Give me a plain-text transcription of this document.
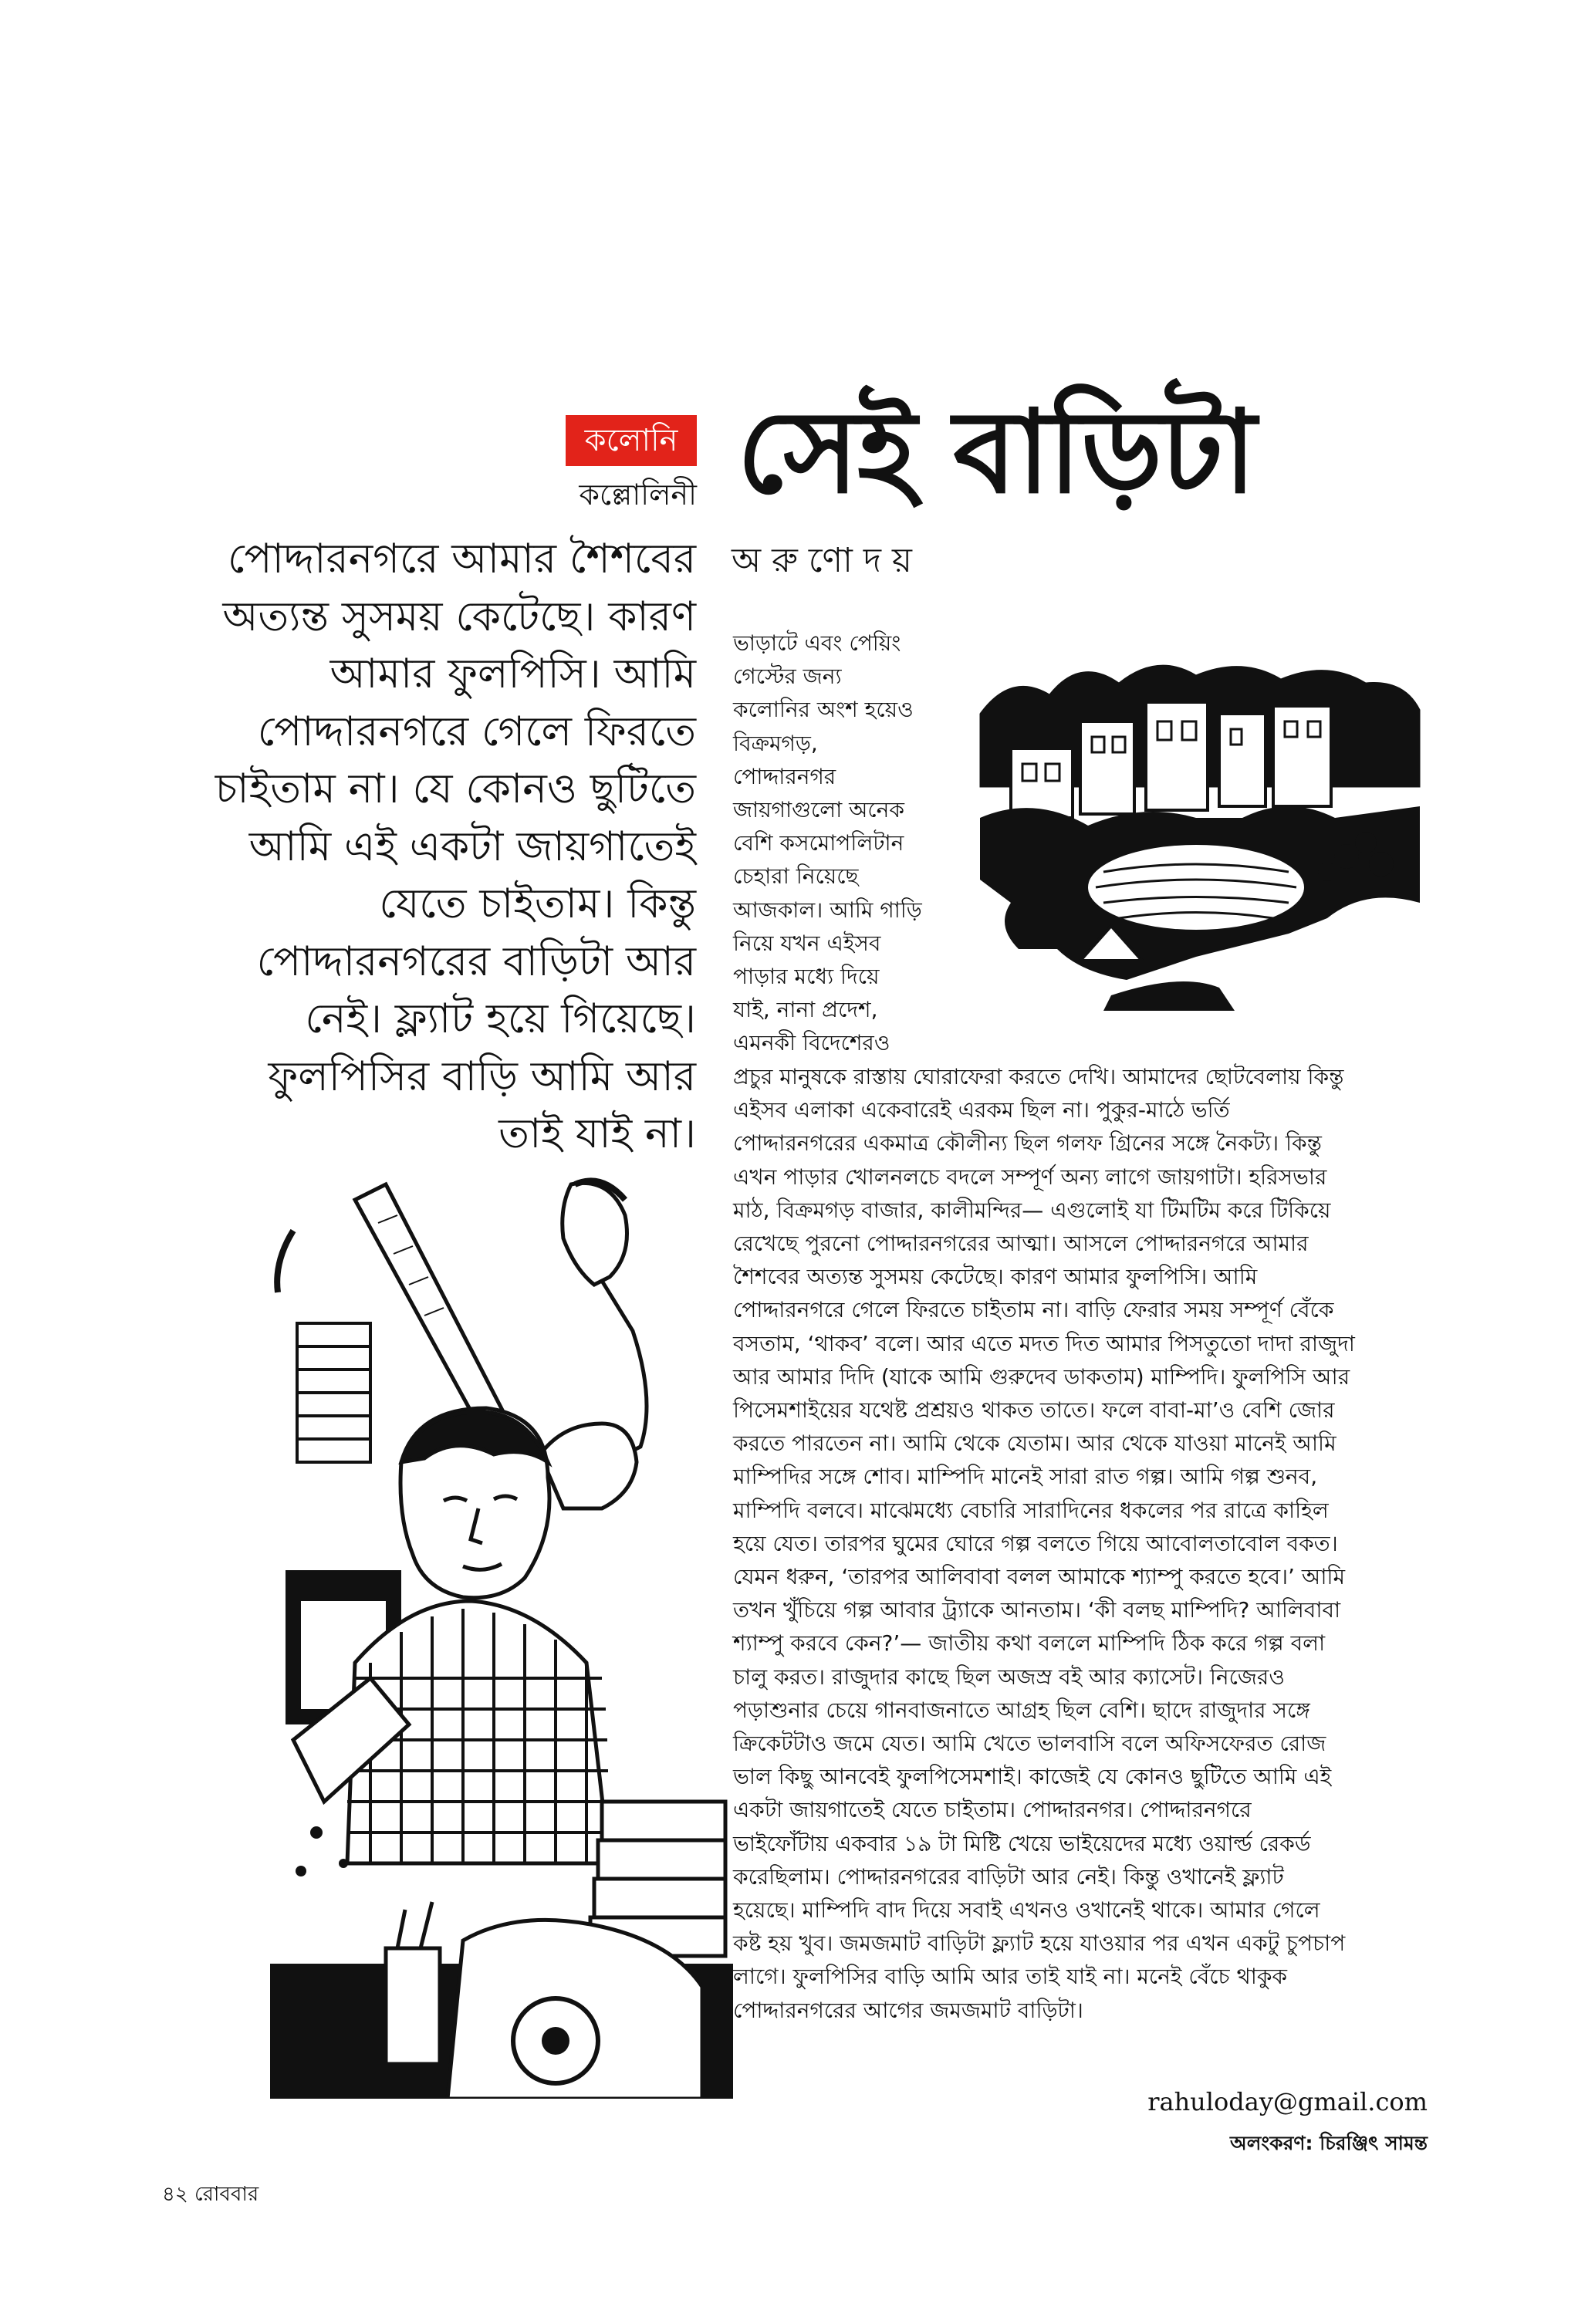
কলোনি
কল্লোলিনী সেই বাড়িটা
অরুণোদয়
পোদ্দারনগরে আমার শৈশবের
অত্যন্ত সুসময় কেটেছে। কারণ
আমার ফুলপিসি। আমি
পোদ্দারনগরে গেলে ফিরতে
চাইতাম না। যে কোনও ছুটিতে
আমি এই একটা জায়গাতেই
যেতে চাইতাম। কিন্তু
পোদ্দারনগরের বাড়িটা আর
নেই। ফ্ল্যাট হয়ে গিয়েছে।
ফুলপিসির বাড়ি আমি আর
তাই যাই না।
ভাড়াটে এবং পেয়িং
গেস্টের জন্য
কলোনির অংশ হয়েও
বিক্রমগড়,
পোদ্দারনগর
জায়গাগুলো অনেক
বেশি কসমোপলিটান
চেহারা নিয়েছে
আজকাল। আমি গাড়ি
নিয়ে যখন এইসব
পাড়ার মধ্যে দিয়ে
যাই, নানা প্রদেশ,
এমনকী বিদেশেরও
প্রচুর মানুষকে রাস্তায় ঘোরাফেরা করতে দেখি। আমাদের ছোটবেলায় কিন্তু
এইসব এলাকা একেবারেই এরকম ছিল না। পুকুর-মাঠে ভর্তি
পোদ্দারনগরের একমাত্র কৌলীন্য ছিল গলফ গ্রিনের সঙ্গে নৈকট্য। কিন্তু
এখন পাড়ার খোলনলচে বদলে সম্পূর্ণ অন্য লাগে জায়গাটা। হরিসভার
মাঠ, বিক্রমগড় বাজার, কালীমন্দির— এগুলোই যা টিমটিম করে টিকিয়ে
রেখেছে পুরনো পোদ্দারনগরের আত্মা। আসলে পোদ্দারনগরে আমার
শৈশবের অত্যন্ত সুসময় কেটেছে। কারণ আমার ফুলপিসি। আমি
পোদ্দারনগরে গেলে ফিরতে চাইতাম না। বাড়ি ফেরার সময় সম্পূর্ণ বেঁকে
বসতাম, ‘থাকব’ বলে। আর এতে মদত দিত আমার পিসতুতো দাদা রাজুদা
আর আমার দিদি (যাকে আমি গুরুদেব ডাকতাম) মাম্পিদি। ফুলপিসি আর
পিসেমশাইয়ের যথেষ্ট প্রশ্রয়ও থাকত তাতে। ফলে বাবা-মা’ও বেশি জোর
করতে পারতেন না। আমি থেকে যেতাম। আর থেকে যাওয়া মানেই আমি
মাম্পিদির সঙ্গে শোব। মাম্পিদি মানেই সারা রাত গল্প। আমি গল্প শুনব,
মাম্পিদি বলবে। মাঝেমধ্যে বেচারি সারাদিনের ধকলের পর রাত্রে কাহিল
হয়ে যেত। তারপর ঘুমের ঘোরে গল্প বলতে গিয়ে আবোলতাবোল বকত।
যেমন ধরুন, ‘তারপর আলিবাবা বলল আমাকে শ্যাম্পু করতে হবে।’ আমি
তখন খুঁচিয়ে গল্প আবার ট্র্যাকে আনতাম। ‘কী বলছ মাম্পিদি? আলিবাবা
শ্যাম্পু করবে কেন?’— জাতীয় কথা বললে মাম্পিদি ঠিক করে গল্প বলা
চালু করত। রাজুদার কাছে ছিল অজস্র বই আর ক্যাসেট। নিজেরও
পড়াশুনার চেয়ে গানবাজনাতে আগ্রহ ছিল বেশি। ছাদে রাজুদার সঙ্গে
ক্রিকেটটাও জমে যেত। আমি খেতে ভালবাসি বলে অফিসফেরত রোজ
ভাল কিছু আনবেই ফুলপিসেমশাই। কাজেই যে কোনও ছুটিতে আমি এই
একটা জায়গাতেই যেতে চাইতাম। পোদ্দারনগর। পোদ্দারনগরে
ভাইফোঁটায় একবার ১৯ টা মিষ্টি খেয়ে ভাইয়েদের মধ্যে ওয়ার্ল্ড রেকর্ড
করেছিলাম। পোদ্দারনগরের বাড়িটা আর নেই। কিন্তু ওখানেই ফ্ল্যাট
হয়েছে। মাম্পিদি বাদ দিয়ে সবাই এখনও ওখানেই থাকে। আমার গেলে
কষ্ট হয় খুব। জমজমাট বাড়িটা ফ্ল্যাট হয়ে যাওয়ার পর এখন একটু চুপচাপ
লাগে। ফুলপিসির বাড়ি আমি আর তাই যাই না। মনেই বেঁচে থাকুক
পোদ্দারনগরের আগের জমজমাট বাড়িটা।
rahuloday@gmail.com
অলংকরণ: চিরঞ্জিৎ সামন্ত
৪২ রোববার
